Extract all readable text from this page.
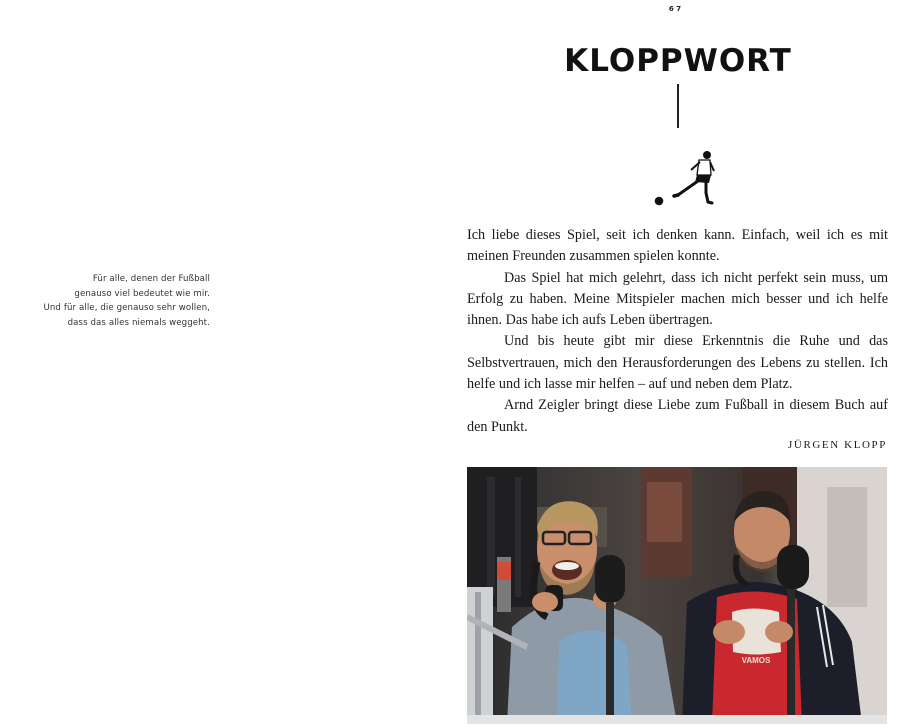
Für alle, denen der Fußball
genauso viel bedeutet wie mir.
Und für alle, die genauso sehr wollen,
dass das alles niemals weggeht.
6 7
KLOPPWORT

Ich liebe dieses Spiel, seit ich denken kann. Einfach, weil ich es mit meinen Freunden zusammen spielen konnte.

Das Spiel hat mich gelehrt, dass ich nicht perfekt sein muss, um Erfolg zu haben. Meine Mitspieler machen mich besser und ich helfe ihnen. Das habe ich aufs Leben übertragen.

Und bis heute gibt mir diese Erkenntnis die Ruhe und das Selbstvertrauen, mich den Herausforderungen des Lebens zu stellen. Ich helfe und ich lasse mir helfen – auf und neben dem Platz.

Arnd Zeigler bringt diese Liebe zum Fußball in diesem Buch auf den Punkt.

JÜRGEN KLOPP
VAMOS
